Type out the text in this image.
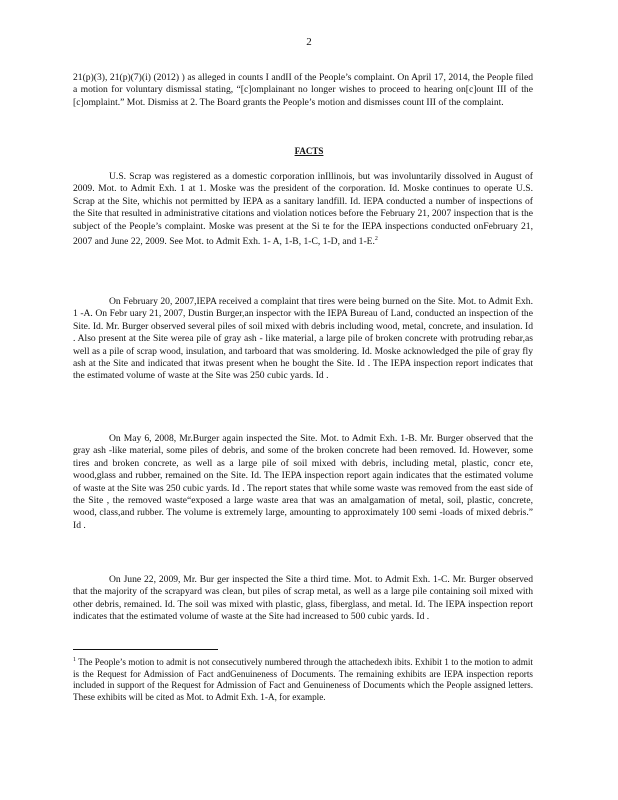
2

21(p)(3), 21(p)(7)(i) (2012) ) as alleged in counts I andII of the People’s complaint. On April 17, 2014, the People filed a motion for voluntary dismissal stating, “[c]omplainant no longer wishes to proceed to hearing on[c]ount III of the [c]omplaint.” Mot. Dismiss at 2. The Board grants the People’s motion and dismisses count III of the complaint.

FACTS

U.S. Scrap was registered as a domestic corporation inIllinois, but was involuntarily dissolved in August of 2009. Mot. to Admit Exh. 1 at 1. Moske was the president of the corporation. Id. Moske continues to operate U.S. Scrap at the Site, whichis not permitted by IEPA as a sanitary landfill. Id. IEPA conducted a number of inspections of the Site that resulted in administrative citations and violation notices before the February 21, 2007 inspection that is the subject of the People’s complaint. Moske was present at the Si te for the IEPA inspections conducted onFebruary 21, 2007 and June 22, 2009. See Mot. to Admit Exh. 1- A, 1-B, 1-C, 1-D, and 1-E.$^2$

On February 20, 2007,IEPA received a complaint that tires were being burned on the Site. Mot. to Admit Exh. 1 -A. On Febr uary 21, 2007, Dustin Burger,an inspector with the IEPA Bureau of Land, conducted an inspection of the Site. Id. Mr. Burger observed several piles of soil mixed with debris including wood, metal, concrete, and insulation. Id . Also present at the Site werea pile of gray ash - like material, a large pile of broken concrete with protruding rebar,as well as a pile of scrap wood, insulation, and tarboard that was smoldering. Id. Moske acknowledged the pile of gray fly ash at the Site and indicated that itwas present when he bought the Site. Id . The IEPA inspection report indicates that the estimated volume of waste at the Site was 250 cubic yards. Id .

On May 6, 2008, Mr.Burger again inspected the Site. Mot. to Admit Exh. 1-B. Mr. Burger observed that the gray ash -like material, some piles of debris, and some of the broken concrete had been removed. Id. However, some tires and broken concrete, as well as a large pile of soil mixed with debris, including metal, plastic, concr ete, wood,glass and rubber, remained on the Site. Id. The IEPA inspection report again indicates that the estimated volume of waste at the Site was 250 cubic yards. Id . The report states that while some waste was removed from the east side of the Site , the removed waste“exposed a large waste area that was an amalgamation of metal, soil, plastic, concrete, wood, class,and rubber. The volume is extremely large, amounting to approximately 100 semi -loads of mixed debris.” Id .

On June 22, 2009, Mr. Bur ger inspected the Site a third time. Mot. to Admit Exh. 1-C. Mr. Burger observed that the majority of the scrapyard was clean, but piles of scrap metal, as well as a large pile containing soil mixed with other debris, remained. Id. The soil was mixed with plastic, glass, fiberglass, and metal. Id. The IEPA inspection report indicates that the estimated volume of waste at the Site had increased to 500 cubic yards. Id .

$^1$ The People’s motion to admit is not consecutively numbered through the attachedexh ibits. Exhibit 1 to the motion to admit is the Request for Admission of Fact andGenuineness of Documents. The remaining exhibits are IEPA inspection reports included in support of the Request for Admission of Fact and Genuineness of Documents which the People assigned letters. These exhibits will be cited as Mot. to Admit Exh. 1-A, for example.
